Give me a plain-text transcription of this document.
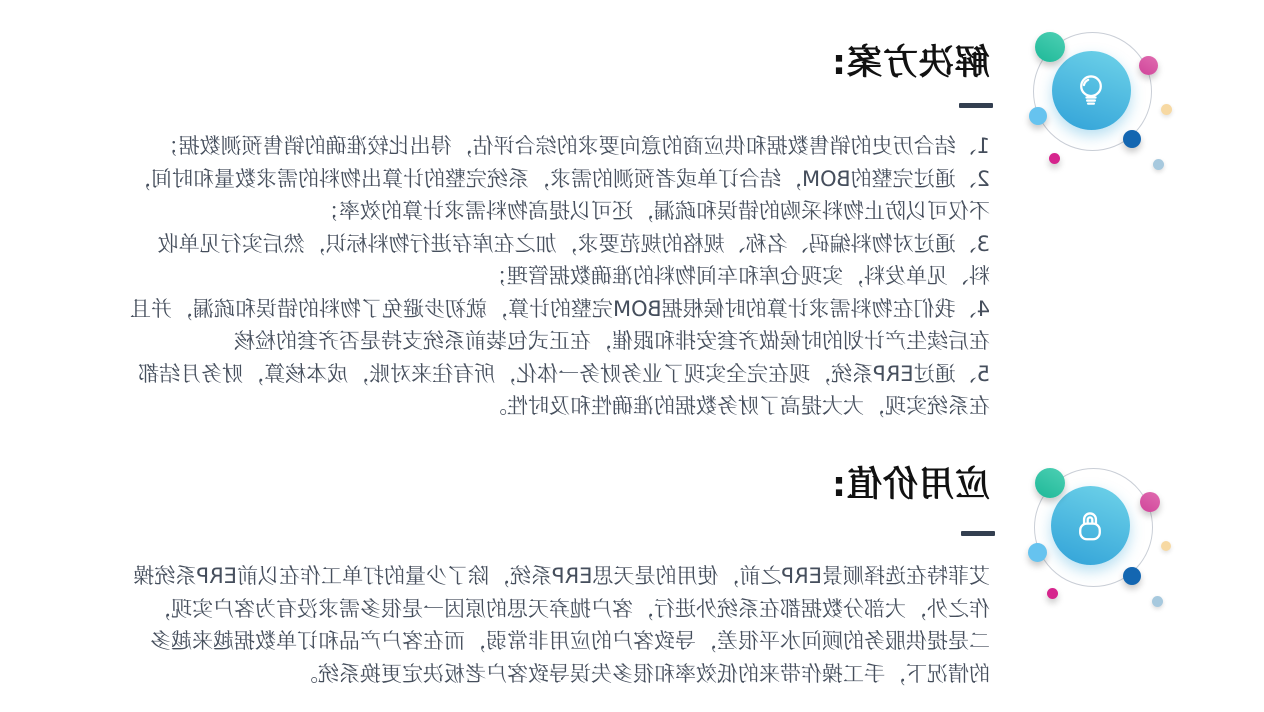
解决方案:
1、结合历史的销售数据和供应商的意向要求的综合评估，得出比较准确的销售预测数据；
2、通过完整的BOM，结合订单或者预测的需求，系统完整的计算出物料的需求数量和时间，
不仅可以防止物料采购的错误和疏漏，还可以提高物料需求计算的效率；
3、通过对物料编码、名称、规格的规范要求，加之在库存进行物料标识，然后实行见单收
料、见单发料，实现仓库和车间物料的准确数据管理；
4、我们在物料需求计算的时候根据BOM完整的计算，就初步避免了物料的错误和疏漏，并且
在后续生产计划的时候做齐套安排和跟催，在正式包装前系统支持是否齐套的检核
5、通过ERP系统，现在完全实现了业务财务一体化，所有往来对账，成本核算，财务月结都
在系统实现，大大提高了财务数据的准确性和及时性。
应用价值:
艾菲特在选择顺景ERP之前，使用的是天思ERP系统，除了少量的打单工作在以前ERP系统操
作之外，大部分数据都在系统外进行，客户抛弃天思的原因一是很多需求没有为客户实现，
二是提供服务的顾问水平很差，导致客户的应用非常弱，而在客户产品和订单数据越来越多
的情况下，手工操作带来的低效率和很多失误导致客户老板决定更换系统。
